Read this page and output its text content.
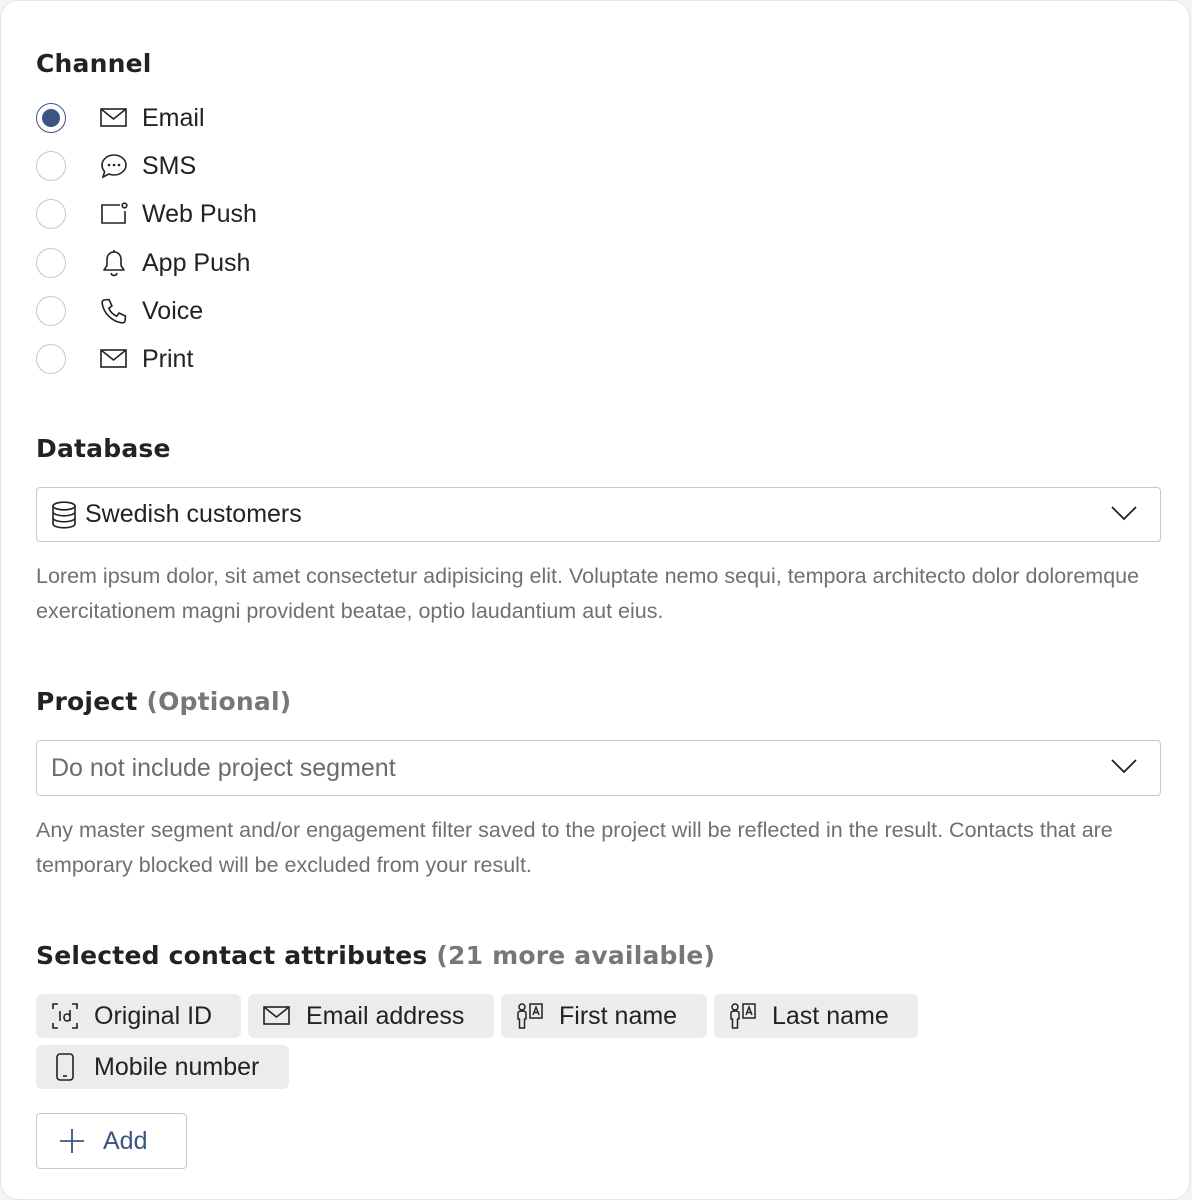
Channel
Email
SMS
Web Push
App Push
Voice
Print
Database
Swedish customers

Lorem ipsum dolor, sit amet consectetur adipisicing elit. Voluptate nemo sequi, tempora architecto dolor doloremque exercitationem magni provident beatae, optio laudantium aut eius.

Project (Optional)
Do not include project segment

Any master segment and/or engagement filter saved to the project will be reflected in the result. Contacts that are temporary blocked will be excluded from your result.

Selected contact attributes (21 more available)
Original ID	Email address	First name	Last name
Mobile number
Add
